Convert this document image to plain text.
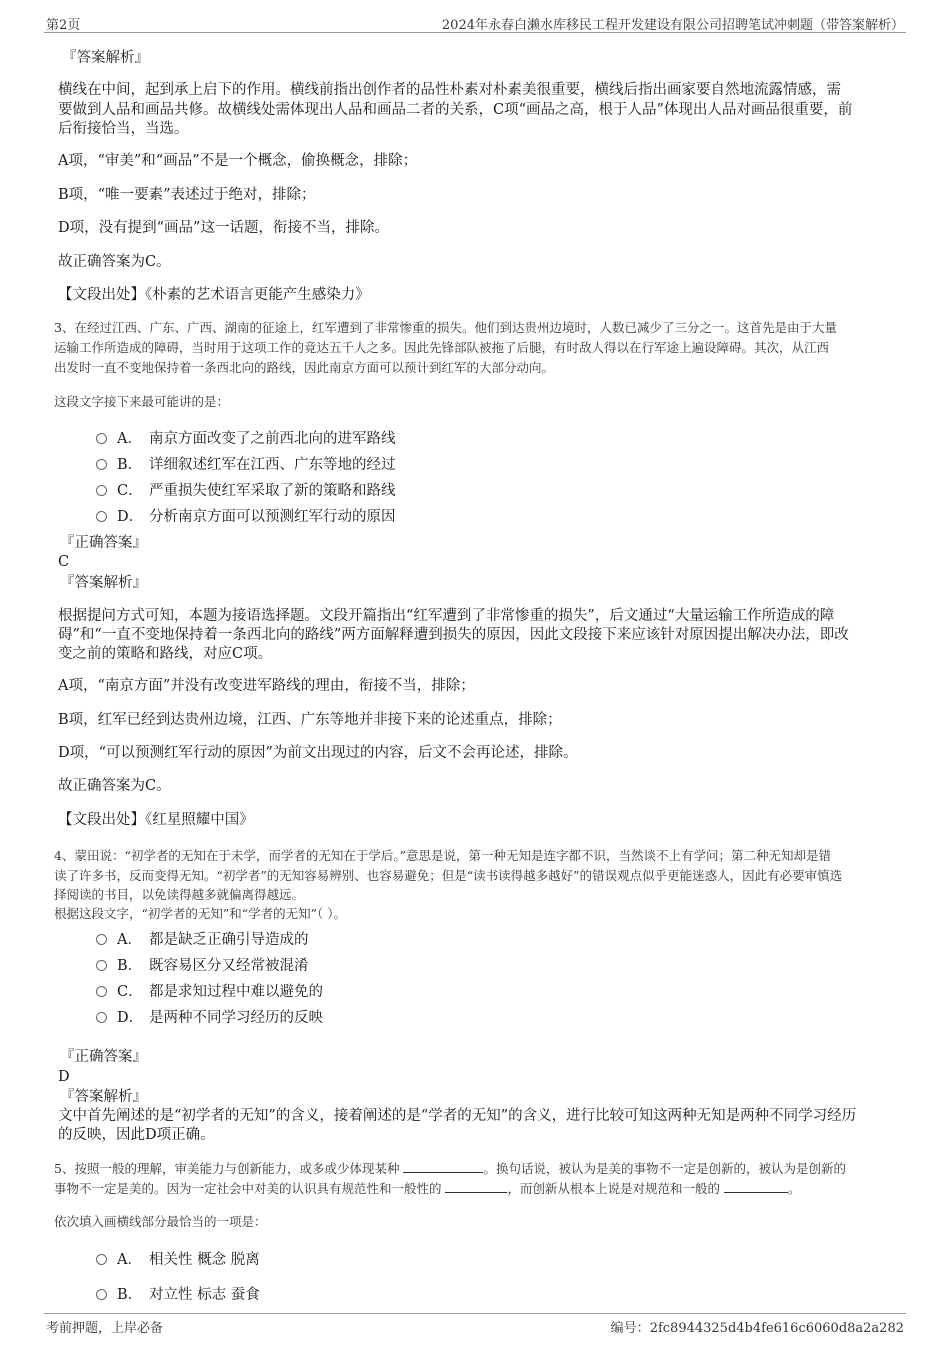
第2页	2024年永春白濑水库移民工程开发建设有限公司招聘笔试冲刺题（带答案解析）
『答案解析』
横线在中间，起到承上启下的作用。横线前指出创作者的品性朴素对朴素美很重要，横线后指出画家要自然地流露情感，需
要做到人品和画品共修。故横线处需体现出人品和画品二者的关系，C项“画品之高，根于人品”体现出人品对画品很重要，前
后衔接恰当，当选。
A项，“审美”和“画品”不是一个概念，偷换概念，排除；
B项，“唯一要素”表述过于绝对，排除；
D项，没有提到“画品”这一话题，衔接不当，排除。
故正确答案为C。
【文段出处】《朴素的艺术语言更能产生感染力》
3、在经过江西、广东、广西、湖南的征途上，红军遭到了非常惨重的损失。他们到达贵州边境时，人数已减少了三分之一。这首先是由于大量
运输工作所造成的障碍，当时用于这项工作的竟达五千人之多。因此先锋部队被拖了后腿，有时敌人得以在行军途上遍设障碍。其次，从江西
出发时一直不变地保持着一条西北向的路线，因此南京方面可以预计到红军的大部分动向。
这段文字接下来最可能讲的是：
A． 南京方面改变了之前西北向的进军路线
B． 详细叙述红军在江西、广东等地的经过
C． 严重损失使红军采取了新的策略和路线
D． 分析南京方面可以预测红军行动的原因
『正确答案』
C
『答案解析』
根据提问方式可知，本题为接语选择题。文段开篇指出“红军遭到了非常惨重的损失”，后文通过“大量运输工作所造成的障
碍”和“一直不变地保持着一条西北向的路线”两方面解释遭到损失的原因，因此文段接下来应该针对原因提出解决办法，即改
变之前的策略和路线，对应C项。
A项，“南京方面”并没有改变进军路线的理由，衔接不当，排除；
B项，红军已经到达贵州边境，江西、广东等地并非接下来的论述重点，排除；
D项，“可以预测红军行动的原因”为前文出现过的内容，后文不会再论述，排除。
故正确答案为C。
【文段出处】《红星照耀中国》
4、蒙田说：“初学者的无知在于未学，而学者的无知在于学后。”意思是说，第一种无知是连字都不识，当然谈不上有学问；第二种无知却是错
读了许多书，反而变得无知。“初学者”的无知容易辨别、也容易避免；但是“读书读得越多越好”的错误观点似乎更能迷惑人，因此有必要审慎选
择阅读的书目，以免读得越多就偏离得越远。
根据这段文字，“初学者的无知”和“学者的无知”（ ）。
A． 都是缺乏正确引导造成的
B． 既容易区分又经常被混淆
C． 都是求知过程中难以避免的
D． 是两种不同学习经历的反映
『正确答案』
D
『答案解析』
文中首先阐述的是“初学者的无知”的含义，接着阐述的是“学者的无知”的含义，进行比较可知这两种无知是两种不同学习经历
的反映，因此D项正确。
5、按照一般的理解，审美能力与创新能力，或多或少体现某种	。换句话说，被认为是美的事物不一定是创新的，被认为是创新的
事物不一定是美的。因为一定社会中对美的认识具有规范性和一般性的	，而创新从根本上说是对规范和一般的	。
依次填入画横线部分最恰当的一项是：
A． 相关性 概念 脱离
B． 对立性 标志 蚕食
考前押题，上岸必备	编号：2fc8944325d4b4fe616c6060d8a2a282
